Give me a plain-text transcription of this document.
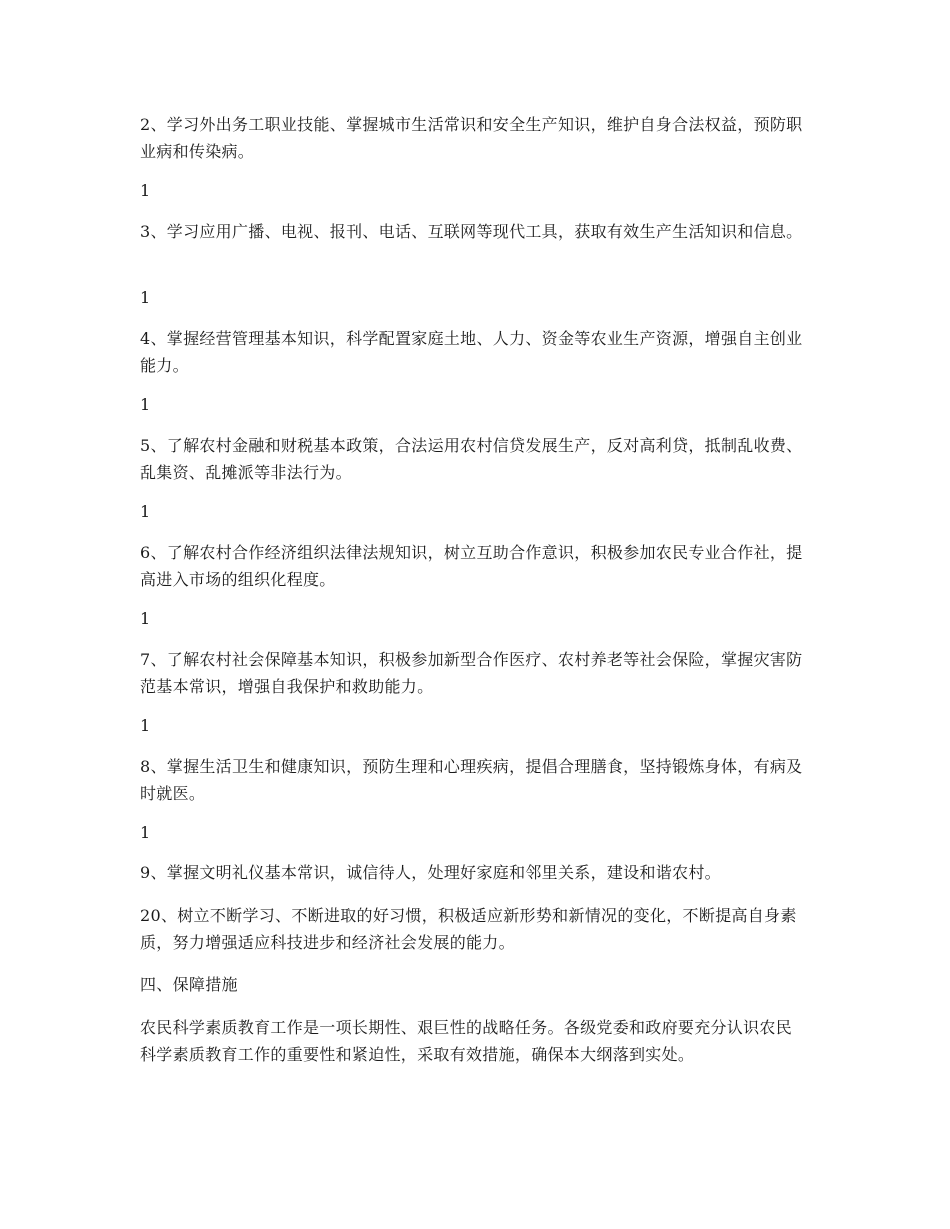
2、学习外出务工职业技能、掌握城市生活常识和安全生产知识，维护自身合法权益，预防职业病和传染病。

1

3、学习应用广播、电视、报刊、电话、互联网等现代工具，获取有效生产生活知识和信息。

1

4、掌握经营管理基本知识，科学配置家庭土地、人力、资金等农业生产资源，增强自主创业能力。

1

5、了解农村金融和财税基本政策，合法运用农村信贷发展生产，反对高利贷，抵制乱收费、乱集资、乱摊派等非法行为。

1

6、了解农村合作经济组织法律法规知识，树立互助合作意识，积极参加农民专业合作社，提高进入市场的组织化程度。

1

7、了解农村社会保障基本知识，积极参加新型合作医疗、农村养老等社会保险，掌握灾害防范基本常识，增强自我保护和救助能力。

1

8、掌握生活卫生和健康知识，预防生理和心理疾病，提倡合理膳食，坚持锻炼身体，有病及时就医。

1

9、掌握文明礼仪基本常识，诚信待人，处理好家庭和邻里关系，建设和谐农村。

20、树立不断学习、不断进取的好习惯，积极适应新形势和新情况的变化，不断提高自身素质，努力增强适应科技进步和经济社会发展的能力。

四、保障措施

农民科学素质教育工作是一项长期性、艰巨性的战略任务。各级党委和政府要充分认识农民科学素质教育工作的重要性和紧迫性，采取有效措施，确保本大纲落到实处。
